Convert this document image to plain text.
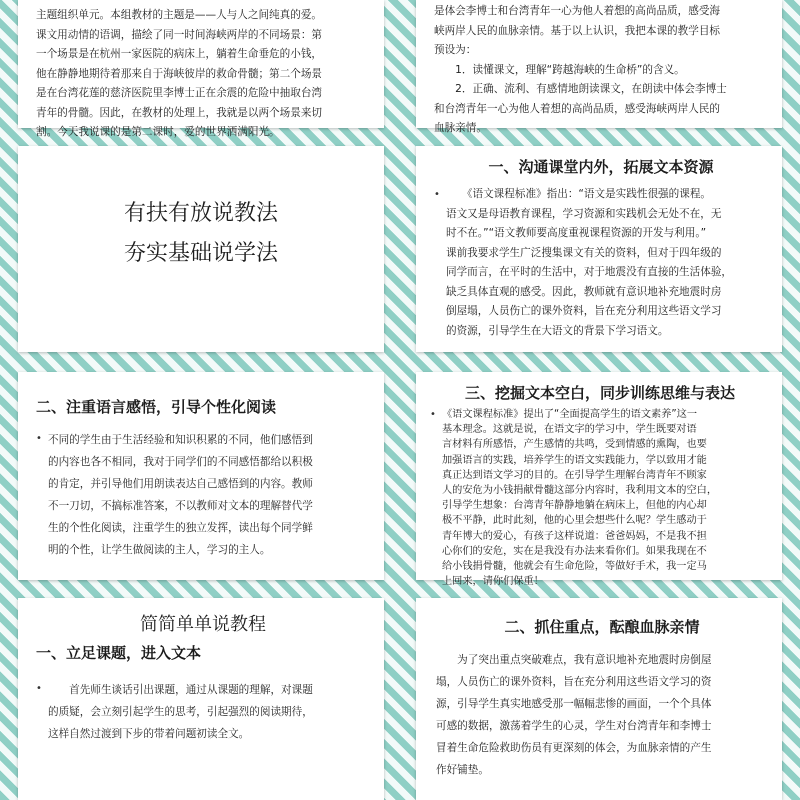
主题组织单元。本组教材的主题是——人与人之间纯真的爱。

课文用动情的语调，描绘了同一时间海峡两岸的不同场景：第

一个场景是在杭州一家医院的病床上，躺着生命垂危的小钱，

他在静静地期待着那来自于海峡彼岸的救命骨髓；第二个场景

是在台湾花莲的慈济医院里李博士正在余震的危险中抽取台湾

青年的骨髓。因此，在教材的处理上，我就是以两个场景来切

割。今天我说课的是第二课时，爱的世界洒满阳光。

是体会李博士和台湾青年一心为他人着想的高尚品质，感受海

峡两岸人民的血脉亲情。基于以上认识，我把本课的教学目标

预设为：

　　1．读懂课文，理解“跨越海峡的生命桥”的含义。

　　2．正确、流利、有感情地朗读课文，在朗读中体会李博士

和台湾青年一心为他人着想的高尚品质，感受海峡两岸人民的

血脉亲情。

有扶有放说教法

夯实基础说学法

一、沟通课堂内外，拓展文本资源

• 　　《语文课程标准》指出：“语文是实践性很强的课程。

语文又是母语教育课程，学习资源和实践机会无处不在，无

时不在。”“语文教师要高度重视课程资源的开发与利用。”

课前我要求学生广泛搜集课文有关的资料，但对于四年级的

同学而言，在平时的生活中，对于地震没有直接的生活体验，

缺乏具体直观的感受。因此，教师就有意识地补充地震时房

倒屋塌，人员伤亡的课外资料，旨在充分利用这些语文学习

的资源，引导学生在大语文的背景下学习语文。

二、注重语言感悟，引导个性化阅读

• 不同的学生由于生活经验和知识积累的不同，他们感悟到

的内容也各不相同，我对于同学们的不同感悟都给以积极

的肯定，并引导他们用朗读表达自己感悟到的内容。教师

不一刀切，不搞标准答案，不以教师对文本的理解替代学

生的个性化阅读，注重学生的独立发挥，读出每个同学鲜

明的个性，让学生做阅读的主人，学习的主人。

三、挖掘文本空白，同步训练思维与表达

• 《语文课程标准》提出了“全面提高学生的语文素养”这一

基本理念。这就是说，在语文字的学习中，学生既要对语

言材料有所感悟，产生感情的共鸣，受到情感的熏陶，也要

加强语言的实践，培养学生的语文实践能力，学以致用才能

真正达到语文学习的目的。在引导学生理解台湾青年不顾家

人的安危为小钱捐献骨髓这部分内容时，我利用文本的空白，

引导学生想象：台湾青年静静地躺在病床上，但他的内心却

极不平静，此时此刻，他的心里会想些什么呢？学生感动于

青年博大的爱心，有孩子这样说道：爸爸妈妈，不是我不担

心你们的安危，实在是我没有办法来看你们。如果我现在不

给小钱捐骨髓，他就会有生命危险，等做好手术，我一定马

上回来，请你们保重！

简简单单说教程

一、立足课题，进入文本

• 　　首先师生谈话引出课题，通过从课题的理解，对课题

的质疑，会立刻引起学生的思考，引起强烈的阅读期待，

这样自然过渡到下步的带着问题初读全文。

二、抓住重点，酝酿血脉亲情

　　为了突出重点突破难点，我有意识地补充地震时房倒屋

塌，人员伤亡的课外资料，旨在充分利用这些语文学习的资

源，引导学生真实地感受那一幅幅悲惨的画面，一个个具体

可感的数据，激荡着学生的心灵，学生对台湾青年和李博士

冒着生命危险救助伤员有更深刻的体会，为血脉亲情的产生

作好铺垫。
